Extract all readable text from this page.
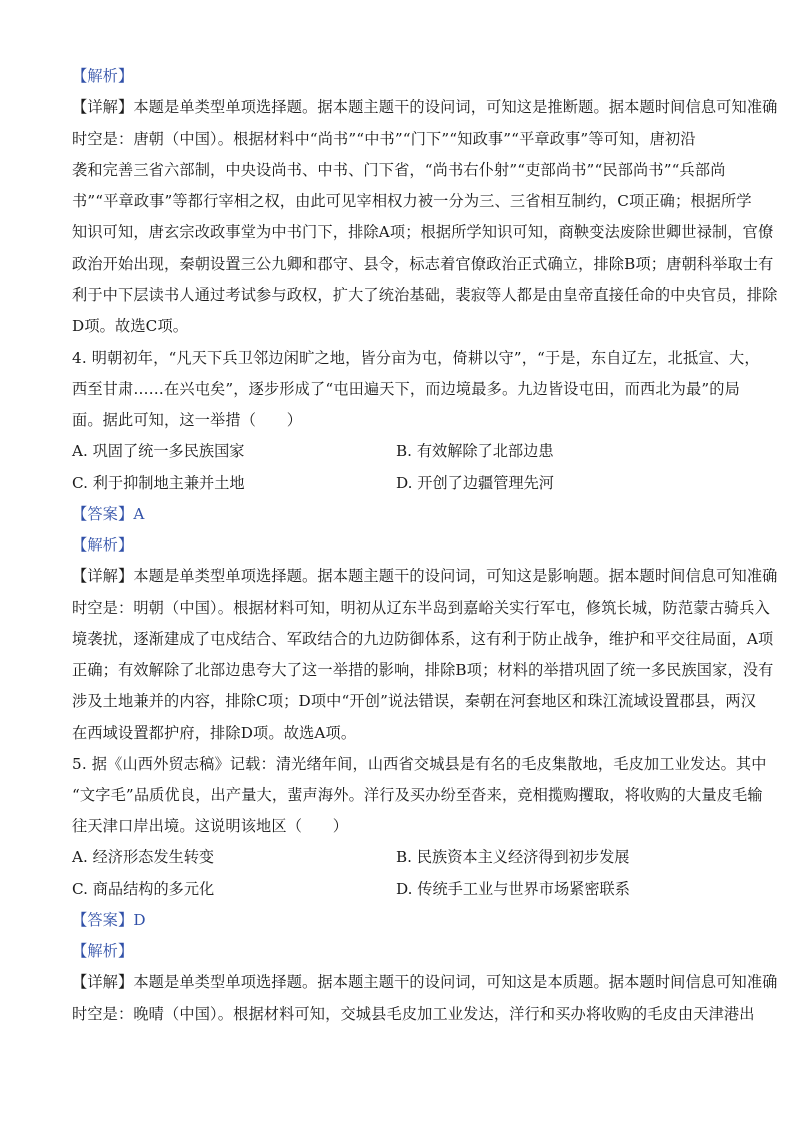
【解析】
【详解】本题是单类型单项选择题。据本题主题干的设问词，可知这是推断题。据本题时间信息可知准确
时空是：唐朝（中国）。根据材料中“尚书”“中书”“门下”“知政事”“平章政事”等可知，唐初沿
袭和完善三省六部制，中央设尚书、中书、门下省，“尚书右仆射”“吏部尚书”“民部尚书”“兵部尚
书”“平章政事”等都行宰相之权，由此可见宰相权力被一分为三、三省相互制约，C项正确；根据所学
知识可知，唐玄宗改政事堂为中书门下，排除A项；根据所学知识可知，商鞅变法废除世卿世禄制，官僚
政治开始出现，秦朝设置三公九卿和郡守、县令，标志着官僚政治正式确立，排除B项；唐朝科举取士有
利于中下层读书人通过考试参与政权，扩大了统治基础，裴寂等人都是由皇帝直接任命的中央官员，排除
D项。故选C项。
4. 明朝初年，“凡天下兵卫邻边闲旷之地，皆分亩为屯，倚耕以守”，“于是，东自辽左，北抵宣、大，
西至甘肃……在兴屯矣”，逐步形成了“屯田遍天下，而边境最多。九边皆设屯田，而西北为最”的局
面。据此可知，这一举措（　　）
A. 巩固了统一多民族国家	B. 有效解除了北部边患
C. 利于抑制地主兼并土地	D. 开创了边疆管理先河
【答案】A
【解析】
【详解】本题是单类型单项选择题。据本题主题干的设问词，可知这是影响题。据本题时间信息可知准确
时空是：明朝（中国）。根据材料可知，明初从辽东半岛到嘉峪关实行军屯，修筑长城，防范蒙古骑兵入
境袭扰，逐渐建成了屯戍结合、军政结合的九边防御体系，这有利于防止战争，维护和平交往局面，A项
正确；有效解除了北部边患夸大了这一举措的影响，排除B项；材料的举措巩固了统一多民族国家，没有
涉及土地兼并的内容，排除C项；D项中“开创”说法错误，秦朝在河套地区和珠江流域设置郡县，两汉
在西域设置都护府，排除D项。故选A项。
5. 据《山西外贸志稿》记载：清光绪年间，山西省交城县是有名的毛皮集散地，毛皮加工业发达。其中
“文字毛”品质优良，出产量大，蜚声海外。洋行及买办纷至沓来，竞相揽购攫取，将收购的大量皮毛输
往天津口岸出境。这说明该地区（　　）
A. 经济形态发生转变	B. 民族资本主义经济得到初步发展
C. 商品结构的多元化	D. 传统手工业与世界市场紧密联系
【答案】D
【解析】
【详解】本题是单类型单项选择题。据本题主题干的设问词，可知这是本质题。据本题时间信息可知准确
时空是：晚晴（中国）。根据材料可知，交城县毛皮加工业发达，洋行和买办将收购的毛皮由天津港出
